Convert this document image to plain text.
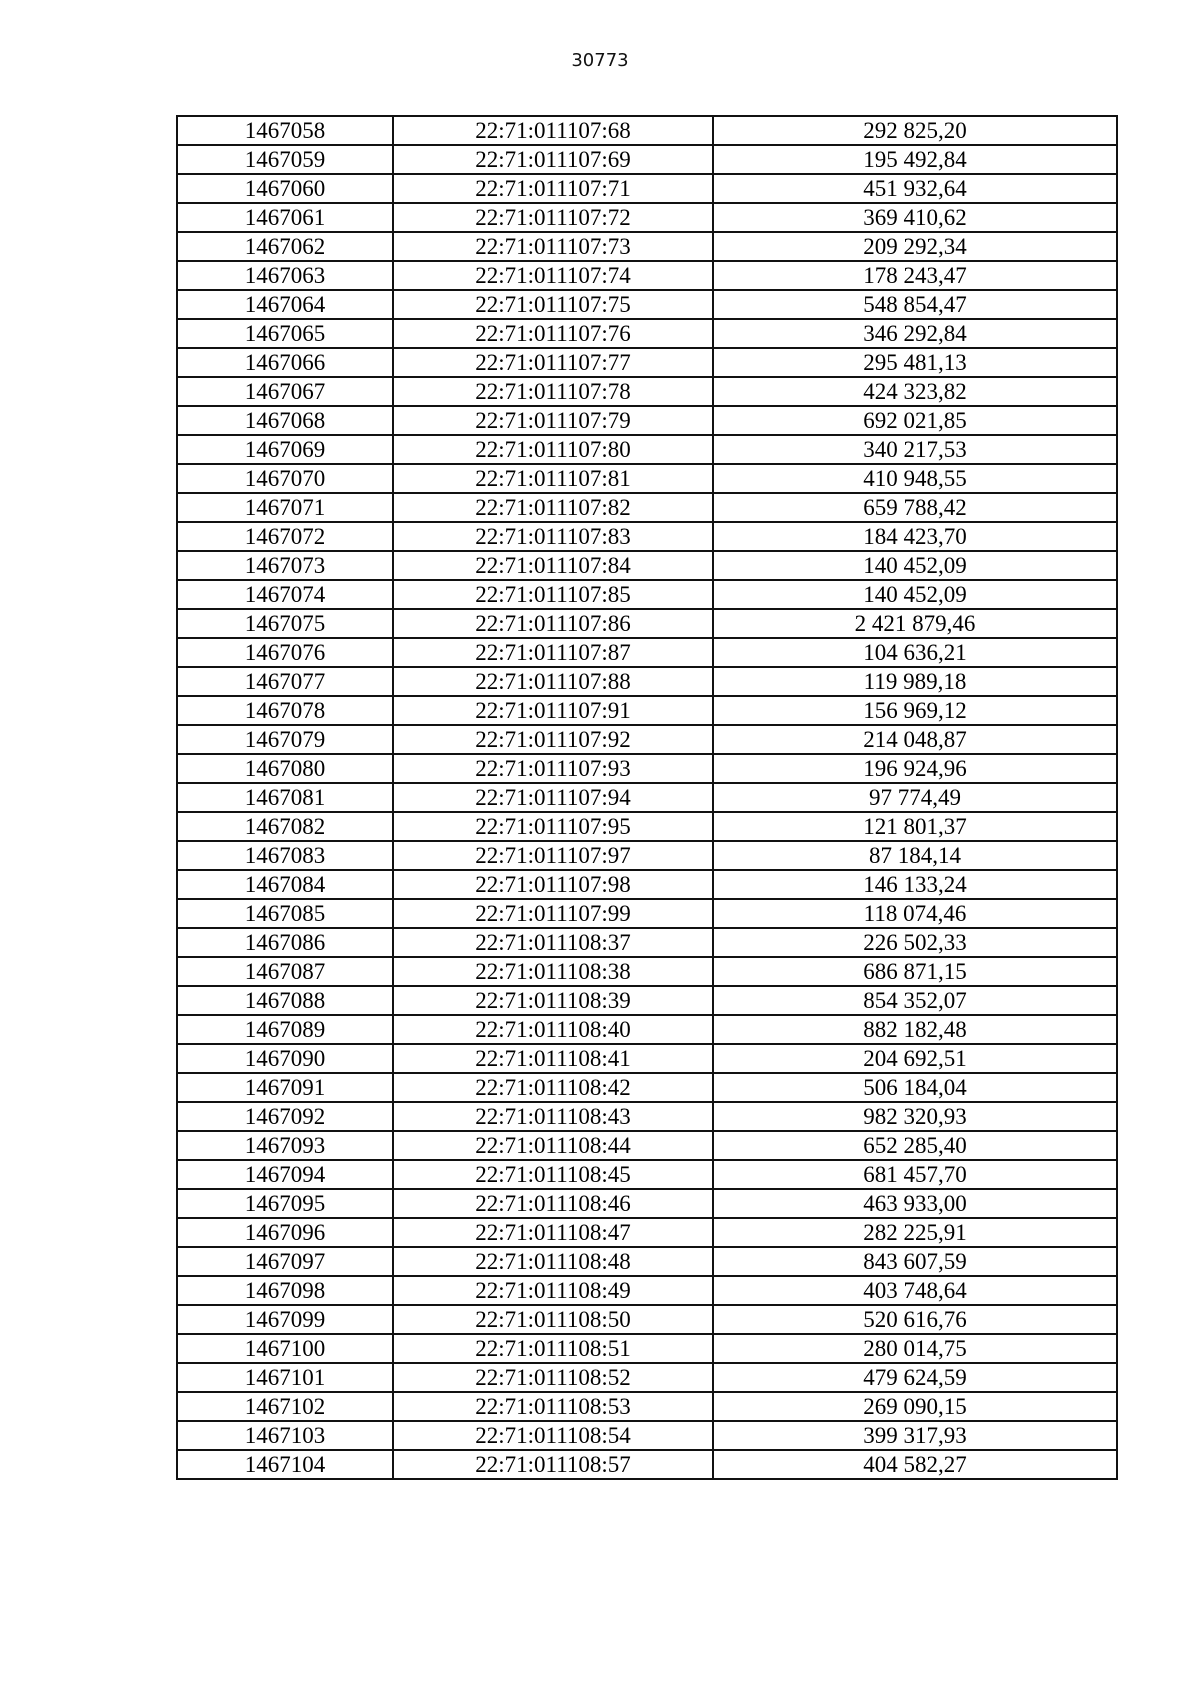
30773
1467058	22:71:011107:68	292 825,20
1467059	22:71:011107:69	195 492,84
1467060	22:71:011107:71	451 932,64
1467061	22:71:011107:72	369 410,62
1467062	22:71:011107:73	209 292,34
1467063	22:71:011107:74	178 243,47
1467064	22:71:011107:75	548 854,47
1467065	22:71:011107:76	346 292,84
1467066	22:71:011107:77	295 481,13
1467067	22:71:011107:78	424 323,82
1467068	22:71:011107:79	692 021,85
1467069	22:71:011107:80	340 217,53
1467070	22:71:011107:81	410 948,55
1467071	22:71:011107:82	659 788,42
1467072	22:71:011107:83	184 423,70
1467073	22:71:011107:84	140 452,09
1467074	22:71:011107:85	140 452,09
1467075	22:71:011107:86	2 421 879,46
1467076	22:71:011107:87	104 636,21
1467077	22:71:011107:88	119 989,18
1467078	22:71:011107:91	156 969,12
1467079	22:71:011107:92	214 048,87
1467080	22:71:011107:93	196 924,96
1467081	22:71:011107:94	97 774,49
1467082	22:71:011107:95	121 801,37
1467083	22:71:011107:97	87 184,14
1467084	22:71:011107:98	146 133,24
1467085	22:71:011107:99	118 074,46
1467086	22:71:011108:37	226 502,33
1467087	22:71:011108:38	686 871,15
1467088	22:71:011108:39	854 352,07
1467089	22:71:011108:40	882 182,48
1467090	22:71:011108:41	204 692,51
1467091	22:71:011108:42	506 184,04
1467092	22:71:011108:43	982 320,93
1467093	22:71:011108:44	652 285,40
1467094	22:71:011108:45	681 457,70
1467095	22:71:011108:46	463 933,00
1467096	22:71:011108:47	282 225,91
1467097	22:71:011108:48	843 607,59
1467098	22:71:011108:49	403 748,64
1467099	22:71:011108:50	520 616,76
1467100	22:71:011108:51	280 014,75
1467101	22:71:011108:52	479 624,59
1467102	22:71:011108:53	269 090,15
1467103	22:71:011108:54	399 317,93
1467104	22:71:011108:57	404 582,27
